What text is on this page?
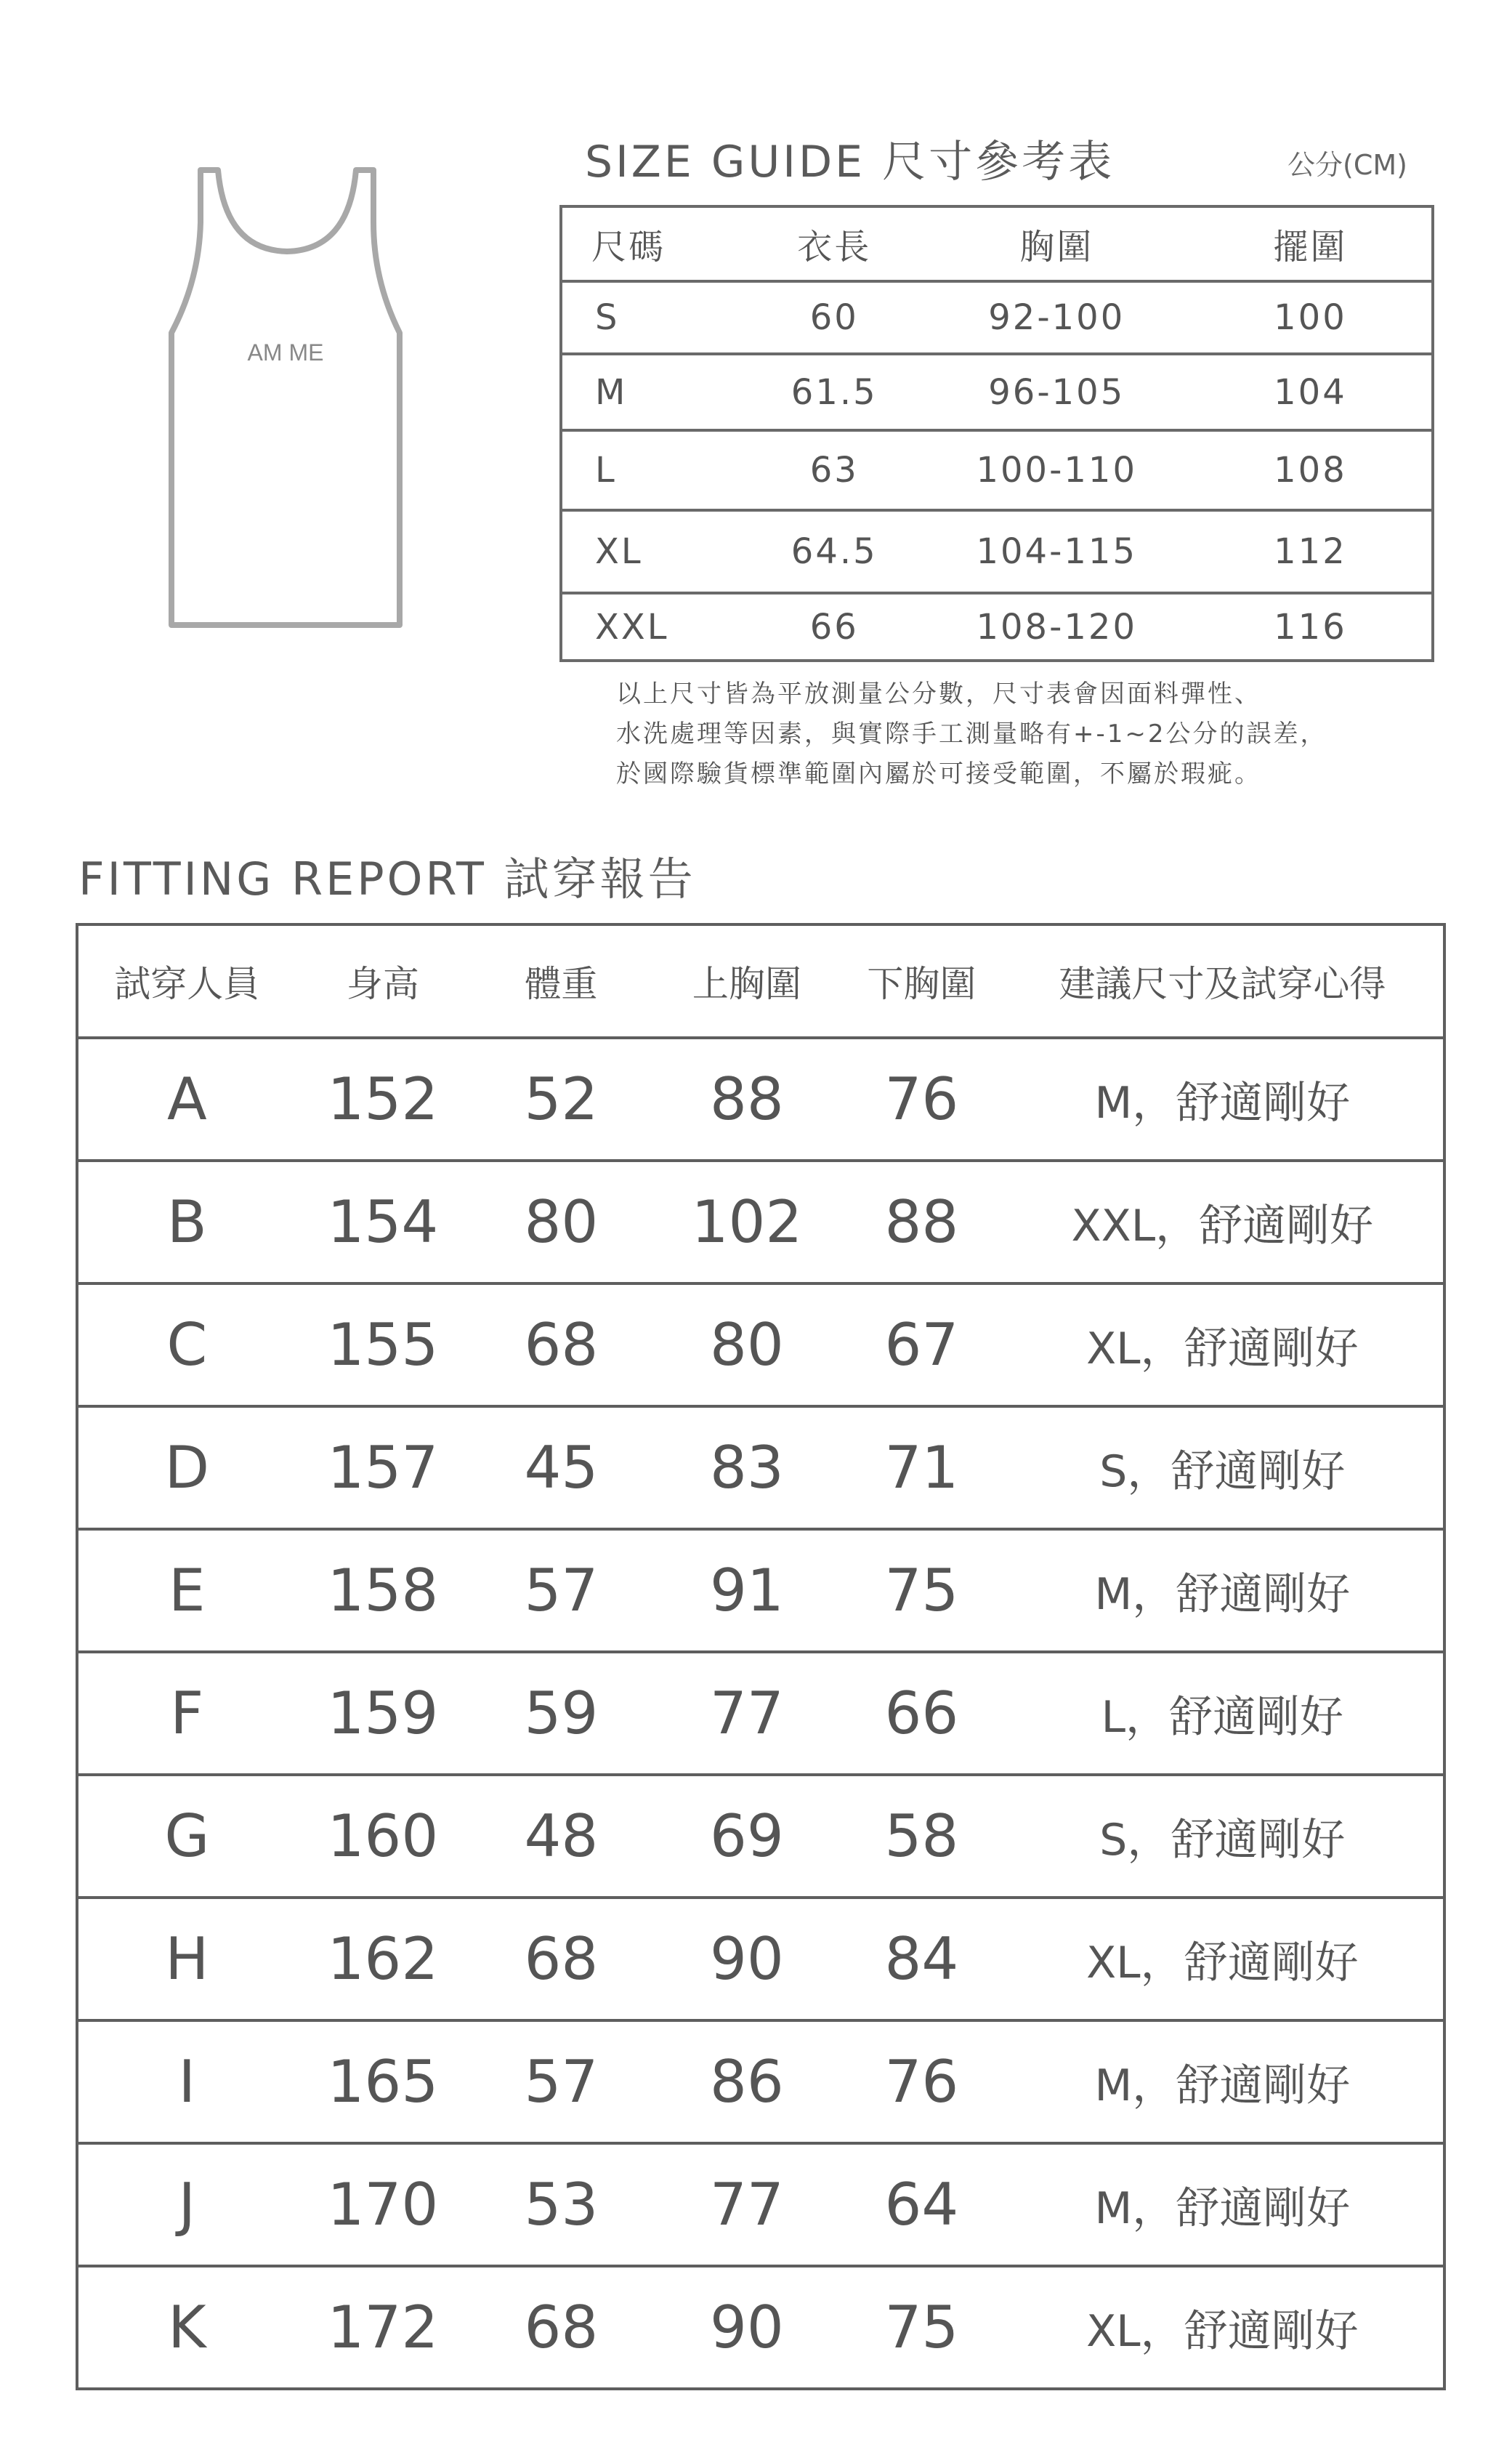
AM ME
SIZE GUIDE 尺寸參考表	公分(CM)
尺碼	衣長	胸圍	擺圍
S	60	92-100	100
M	61.5	96-105	104
L	63	100-110	108
XL	64.5	104-115	112
XXL	66	108-120	116
以上尺寸皆為平放測量公分數，尺寸表會因面料彈性、
水洗處理等因素，與實際手工測量略有+-1~2公分的誤差，
於國際驗貨標準範圍內屬於可接受範圍，不屬於瑕疵。
FITTING REPORT 試穿報告
試穿人員	身高	體重	上胸圍	下胸圍	建議尺寸及試穿心得
A	152	52	88	76	M，舒適剛好
B	154	80	102	88	XXL，舒適剛好
C	155	68	80	67	XL，舒適剛好
D	157	45	83	71	S，舒適剛好
E	158	57	91	75	M，舒適剛好
F	159	59	77	66	L，舒適剛好
G	160	48	69	58	S，舒適剛好
H	162	68	90	84	XL，舒適剛好
I	165	57	86	76	M，舒適剛好
J	170	53	77	64	M，舒適剛好
K	172	68	90	75	XL，舒適剛好
